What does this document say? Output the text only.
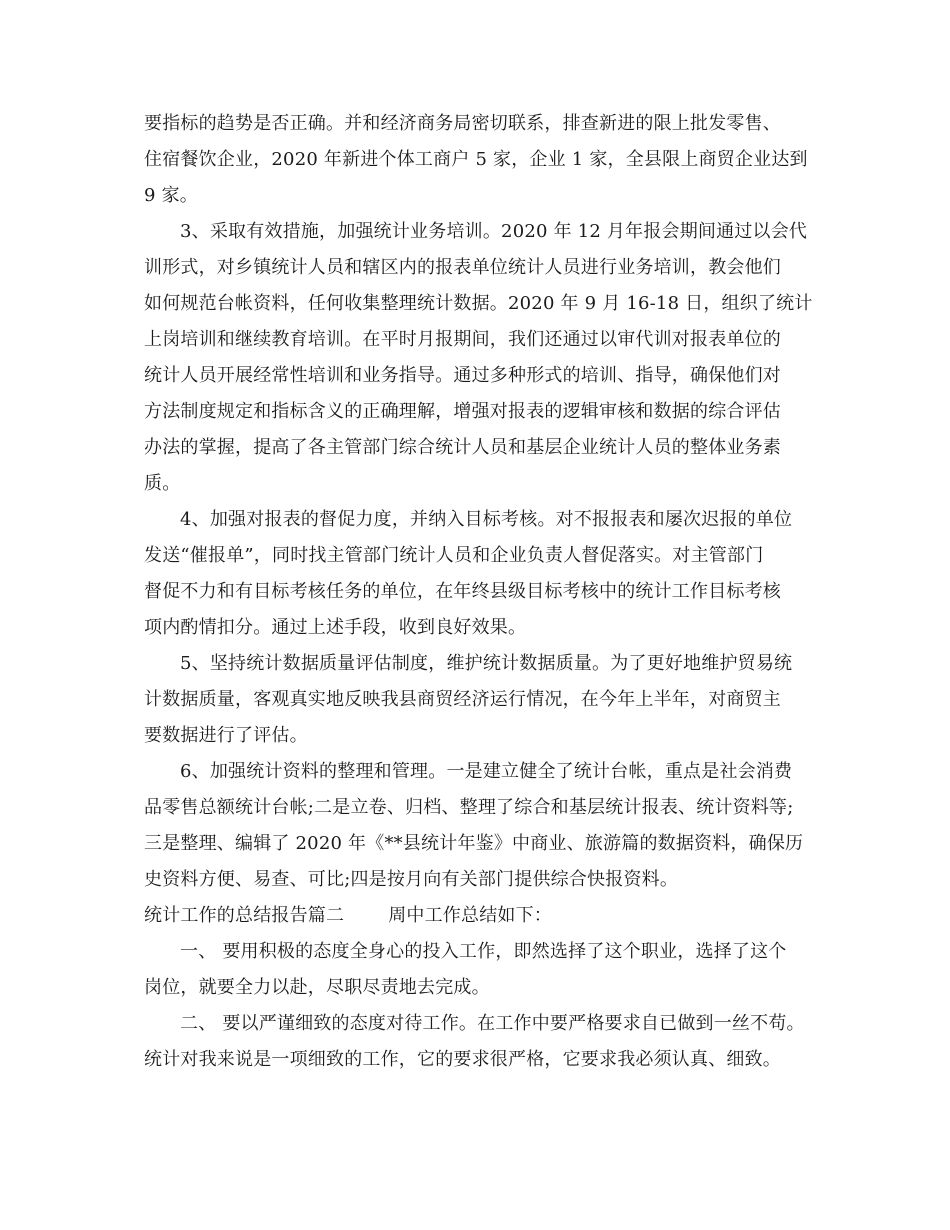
要指标的趋势是否正确。并和经济商务局密切联系，排查新进的限上批发零售、
住宿餐饮企业，2020 年新进个体工商户 5 家，企业 1 家，全县限上商贸企业达到
9 家。
3、采取有效措施，加强统计业务培训。2020 年 12 月年报会期间通过以会代
训形式，对乡镇统计人员和辖区内的报表单位统计人员进行业务培训，教会他们
如何规范台帐资料，任何收集整理统计数据。2020 年 9 月 16-18 日，组织了统计
上岗培训和继续教育培训。在平时月报期间，我们还通过以审代训对报表单位的
统计人员开展经常性培训和业务指导。通过多种形式的培训、指导，确保他们对
方法制度规定和指标含义的正确理解，增强对报表的逻辑审核和数据的综合评估
办法的掌握，提高了各主管部门综合统计人员和基层企业统计人员的整体业务素
质。
4、加强对报表的督促力度，并纳入目标考核。对不报报表和屡次迟报的单位
发送“催报单”，同时找主管部门统计人员和企业负责人督促落实。对主管部门
督促不力和有目标考核任务的单位，在年终县级目标考核中的统计工作目标考核
项内酌情扣分。通过上述手段，收到良好效果。
5、坚持统计数据质量评估制度，维护统计数据质量。为了更好地维护贸易统
计数据质量，客观真实地反映我县商贸经济运行情况，在今年上半年，对商贸主
要数据进行了评估。
6、加强统计资料的整理和管理。一是建立健全了统计台帐，重点是社会消费
品零售总额统计台帐;二是立卷、归档、整理了综合和基层统计报表、统计资料等;
三是整理、编辑了 2020 年《**县统计年鉴》中商业、旅游篇的数据资料，确保历
史资料方便、易查、可比;四是按月向有关部门提供综合快报资料。
统计工作的总结报告篇二 周中工作总结如下：
一、 要用积极的态度全身心的投入工作，即然选择了这个职业，选择了这个
岗位，就要全力以赴，尽职尽责地去完成。
二、 要以严谨细致的态度对待工作。在工作中要严格要求自已做到一丝不苟。
统计对我来说是一项细致的工作，它的要求很严格，它要求我必须认真、细致。
